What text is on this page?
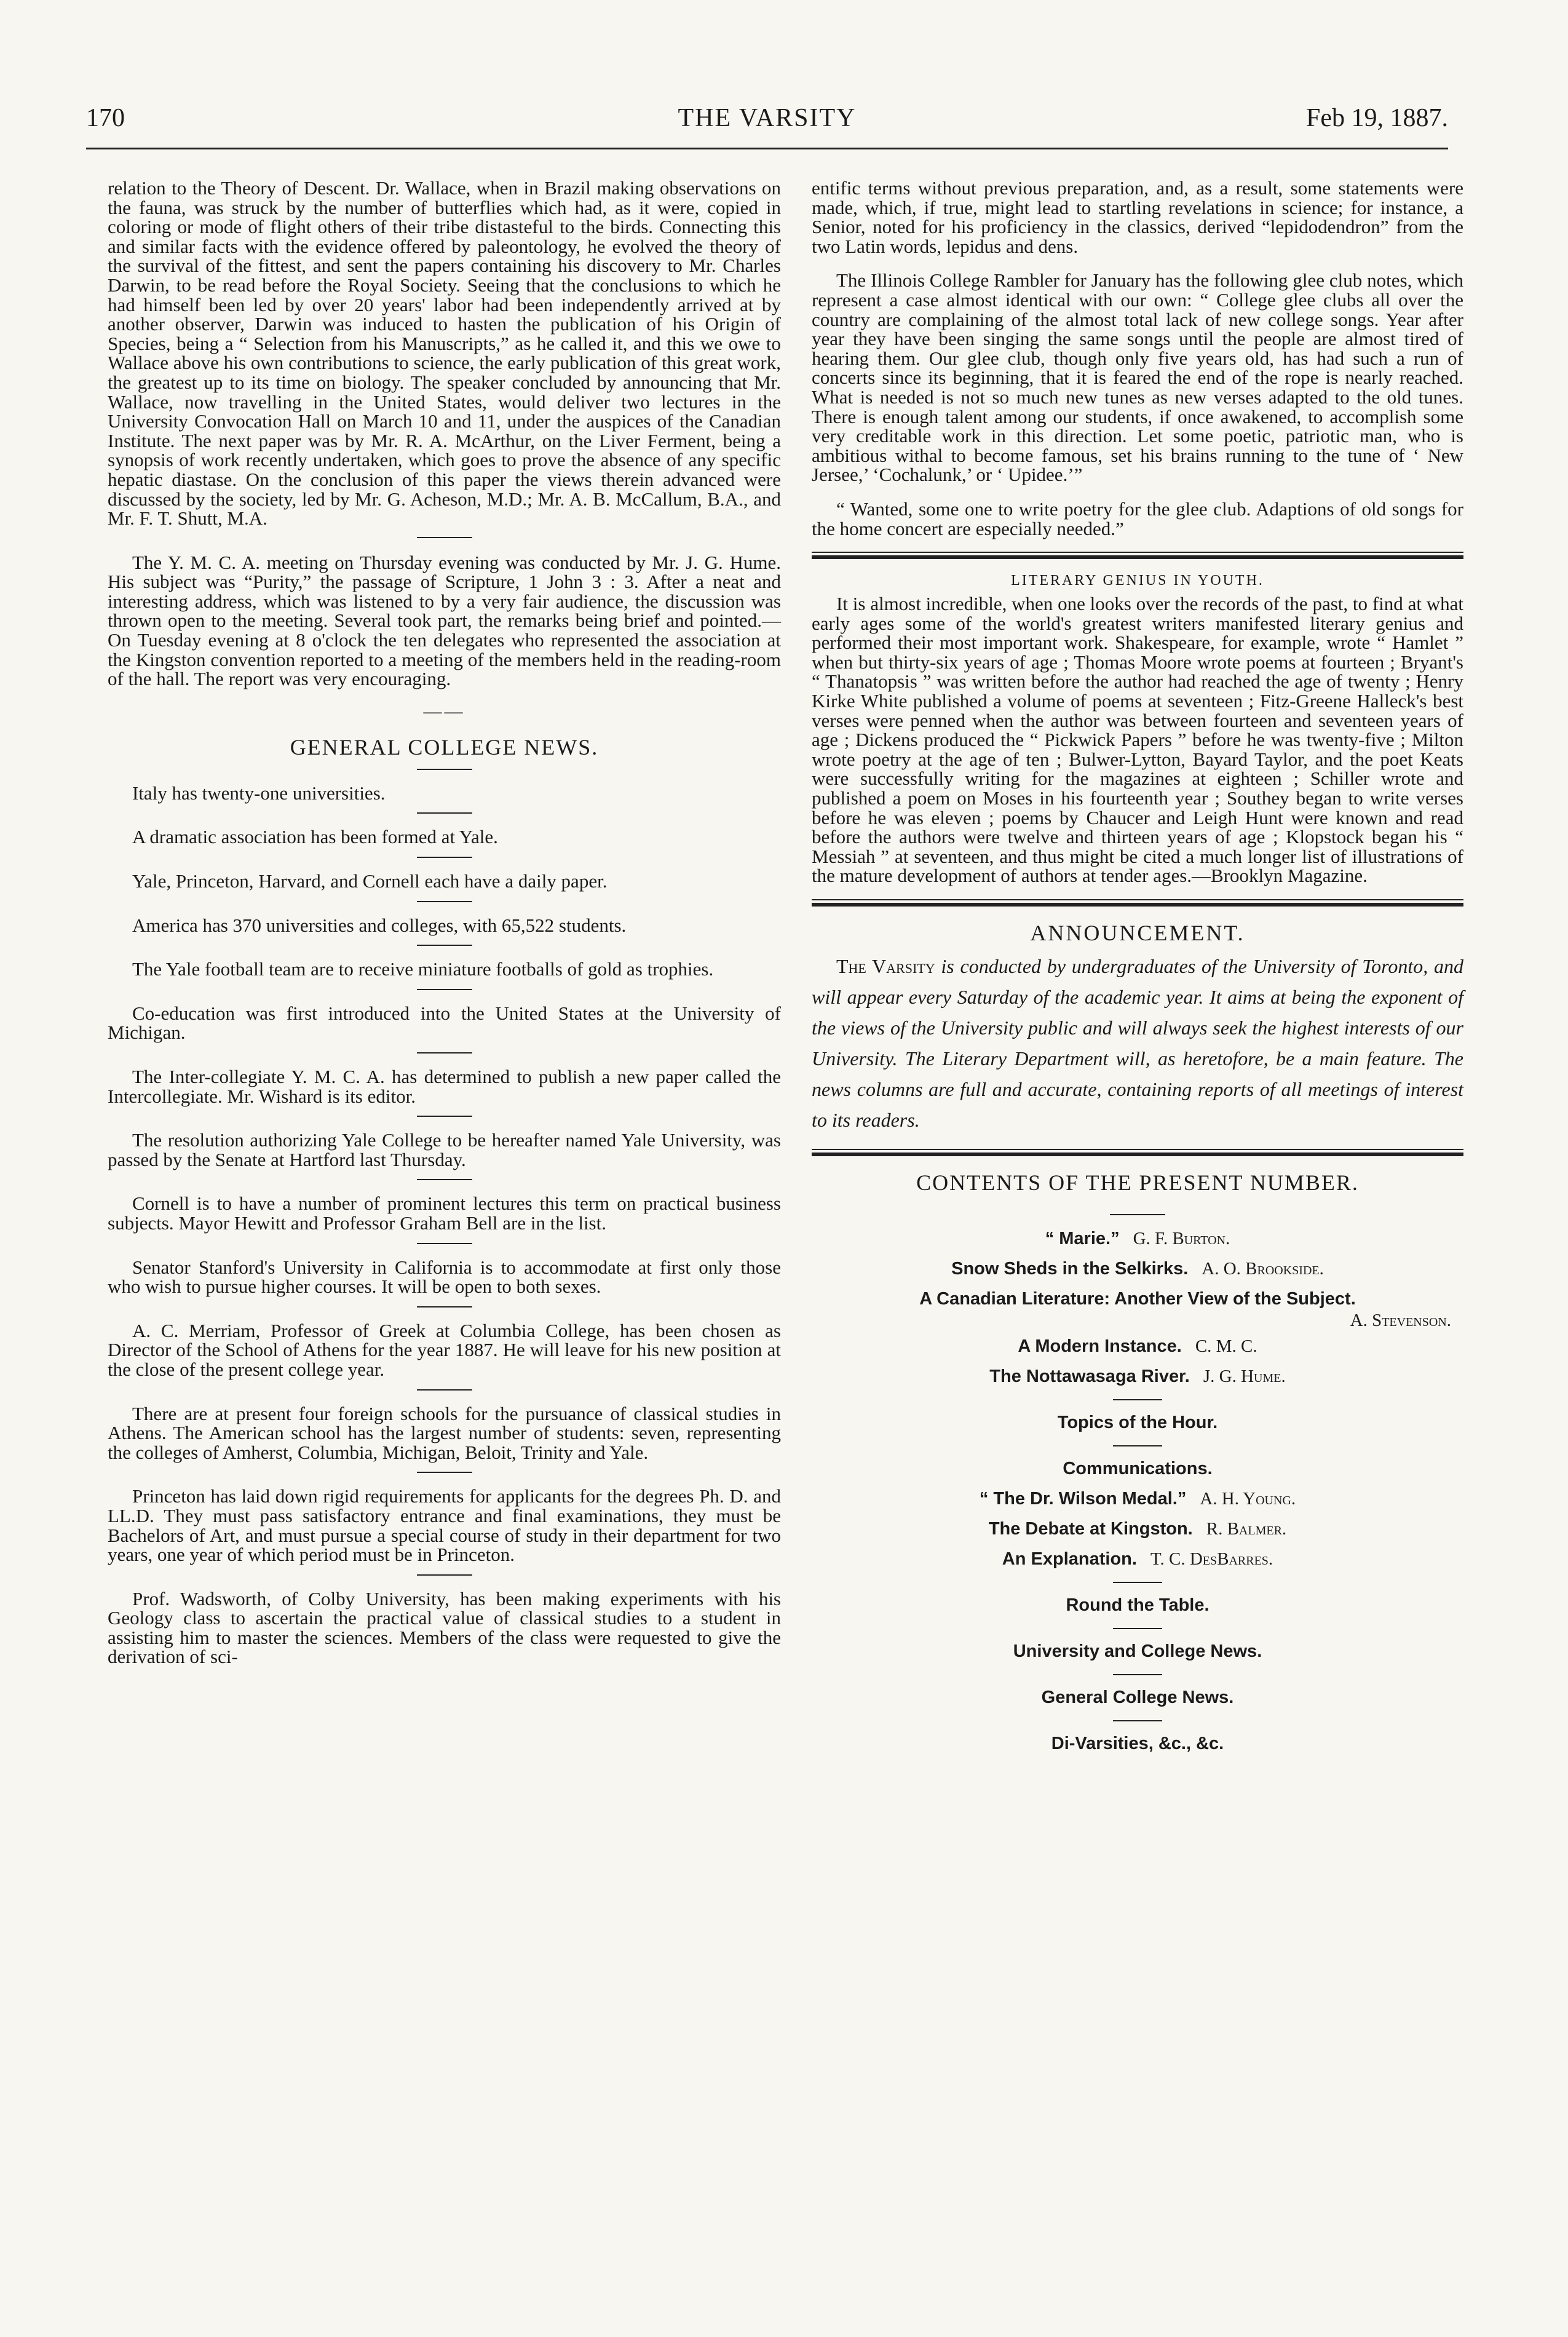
170	THE VARSITY	Feb 19, 1887.

relation to the Theory of Descent. Dr. Wallace, when in Brazil making observations on the fauna, was struck by the number of butterflies which had, as it were, copied in coloring or mode of flight others of their tribe distasteful to the birds. Connecting this and similar facts with the evidence offered by paleontology, he evolved the theory of the survival of the fittest, and sent the papers containing his discovery to Mr. Charles Darwin, to be read before the Royal Society. Seeing that the conclusions to which he had himself been led by over 20 years' labor had been independently arrived at by another observer, Darwin was induced to hasten the publication of his Origin of Species, being a “ Selection from his Manuscripts,” as he called it, and this we owe to Wallace above his own contributions to science, the early publication of this great work, the greatest up to its time on biology. The speaker concluded by announcing that Mr. Wallace, now travelling in the United States, would deliver two lectures in the University Convocation Hall on March 10 and 11, under the auspices of the Canadian Institute. The next paper was by Mr. R. A. McArthur, on the Liver Ferment, being a synopsis of work recently undertaken, which goes to prove the absence of any specific hepatic diastase. On the conclusion of this paper the views therein advanced were discussed by the society, led by Mr. G. Acheson, M.D.; Mr. A. B. McCallum, B.A., and Mr. F. T. Shutt, M.A.

The Y. M. C. A. meeting on Thursday evening was conducted by Mr. J. G. Hume. His subject was “Purity,” the passage of Scripture, 1 John 3 : 3. After a neat and interesting address, which was listened to by a very fair audience, the discussion was thrown open to the meeting. Several took part, the remarks being brief and pointed.—On Tuesday evening at 8 o'clock the ten delegates who represented the association at the Kingston convention reported to a meeting of the members held in the reading-room of the hall. The report was very encouraging.

——
GENERAL COLLEGE NEWS.

Italy has twenty-one universities.

A dramatic association has been formed at Yale.

Yale, Princeton, Harvard, and Cornell each have a daily paper.

America has 370 universities and colleges, with 65,522 students.

The Yale football team are to receive miniature footballs of gold as trophies.

Co-education was first introduced into the United States at the University of Michigan.

The Inter-collegiate Y. M. C. A. has determined to publish a new paper called the Intercollegiate. Mr. Wishard is its editor.

The resolution authorizing Yale College to be hereafter named Yale University, was passed by the Senate at Hartford last Thursday.

Cornell is to have a number of prominent lectures this term on practical business subjects. Mayor Hewitt and Professor Graham Bell are in the list.

Senator Stanford's University in California is to accommodate at first only those who wish to pursue higher courses. It will be open to both sexes.

A. C. Merriam, Professor of Greek at Columbia College, has been chosen as Director of the School of Athens for the year 1887. He will leave for his new position at the close of the present college year.

There are at present four foreign schools for the pursuance of classical studies in Athens. The American school has the largest number of students: seven, representing the colleges of Amherst, Columbia, Michigan, Beloit, Trinity and Yale.

Princeton has laid down rigid requirements for applicants for the degrees Ph. D. and LL.D. They must pass satisfactory entrance and final examinations, they must be Bachelors of Art, and must pursue a special course of study in their department for two years, one year of which period must be in Princeton.

Prof. Wadsworth, of Colby University, has been making experiments with his Geology class to ascertain the practical value of classical studies to a student in assisting him to master the sciences. Members of the class were requested to give the derivation of sci-

entific terms without previous preparation, and, as a result, some statements were made, which, if true, might lead to startling revelations in science; for instance, a Senior, noted for his proficiency in the classics, derived “lepidodendron” from the two Latin words, lepidus and dens.

The Illinois College Rambler for January has the following glee club notes, which represent a case almost identical with our own: “ College glee clubs all over the country are complaining of the almost total lack of new college songs. Year after year they have been singing the same songs until the people are almost tired of hearing them. Our glee club, though only five years old, has had such a run of concerts since its beginning, that it is feared the end of the rope is nearly reached. What is needed is not so much new tunes as new verses adapted to the old tunes. There is enough talent among our students, if once awakened, to accomplish some very creditable work in this direction. Let some poetic, patriotic man, who is ambitious withal to become famous, set his brains running to the tune of ‘ New Jersee,’ ‘Cochalunk,’ or ‘ Upidee.’”

“ Wanted, some one to write poetry for the glee club. Adaptions of old songs for the home concert are especially needed.”

LITERARY GENIUS IN YOUTH.

It is almost incredible, when one looks over the records of the past, to find at what early ages some of the world's greatest writers manifested literary genius and performed their most important work. Shakespeare, for example, wrote “ Hamlet ” when but thirty-six years of age ; Thomas Moore wrote poems at fourteen ; Bryant's “ Thanatopsis ” was written before the author had reached the age of twenty ; Henry Kirke White published a volume of poems at seventeen ; Fitz-Greene Halleck's best verses were penned when the author was between fourteen and seventeen years of age ; Dickens produced the “ Pickwick Papers ” before he was twenty-five ; Milton wrote poetry at the age of ten ; Bulwer-Lytton, Bayard Taylor, and the poet Keats were successfully writing for the magazines at eighteen ; Schiller wrote and published a poem on Moses in his fourteenth year ; Southey began to write verses before he was eleven ; poems by Chaucer and Leigh Hunt were known and read before the authors were twelve and thirteen years of age ; Klopstock began his “ Messiah ” at seventeen, and thus might be cited a much longer list of illustrations of the mature development of authors at tender ages.—Brooklyn Magazine.

ANNOUNCEMENT.

The Varsity is conducted by undergraduates of the University of Toronto, and will appear every Saturday of the academic year. It aims at being the exponent of the views of the University public and will always seek the highest interests of our University. The Literary Department will, as heretofore, be a main feature. The news columns are full and accurate, containing reports of all meetings of interest to its readers.

CONTENTS OF THE PRESENT NUMBER.
“ Marie.” G. F. Burton.
Snow Sheds in the Selkirks. A. O. Brookside.
A Canadian Literature: Another View of the Subject.
A. Stevenson.
A Modern Instance. C. M. C.
The Nottawasaga River. J. G. Hume.
Topics of the Hour.
Communications.
“ The Dr. Wilson Medal.” A. H. Young.
The Debate at Kingston. R. Balmer.
An Explanation. T. C. DesBarres.
Round the Table.
University and College News.
General College News.
Di-Varsities, &c., &c.
